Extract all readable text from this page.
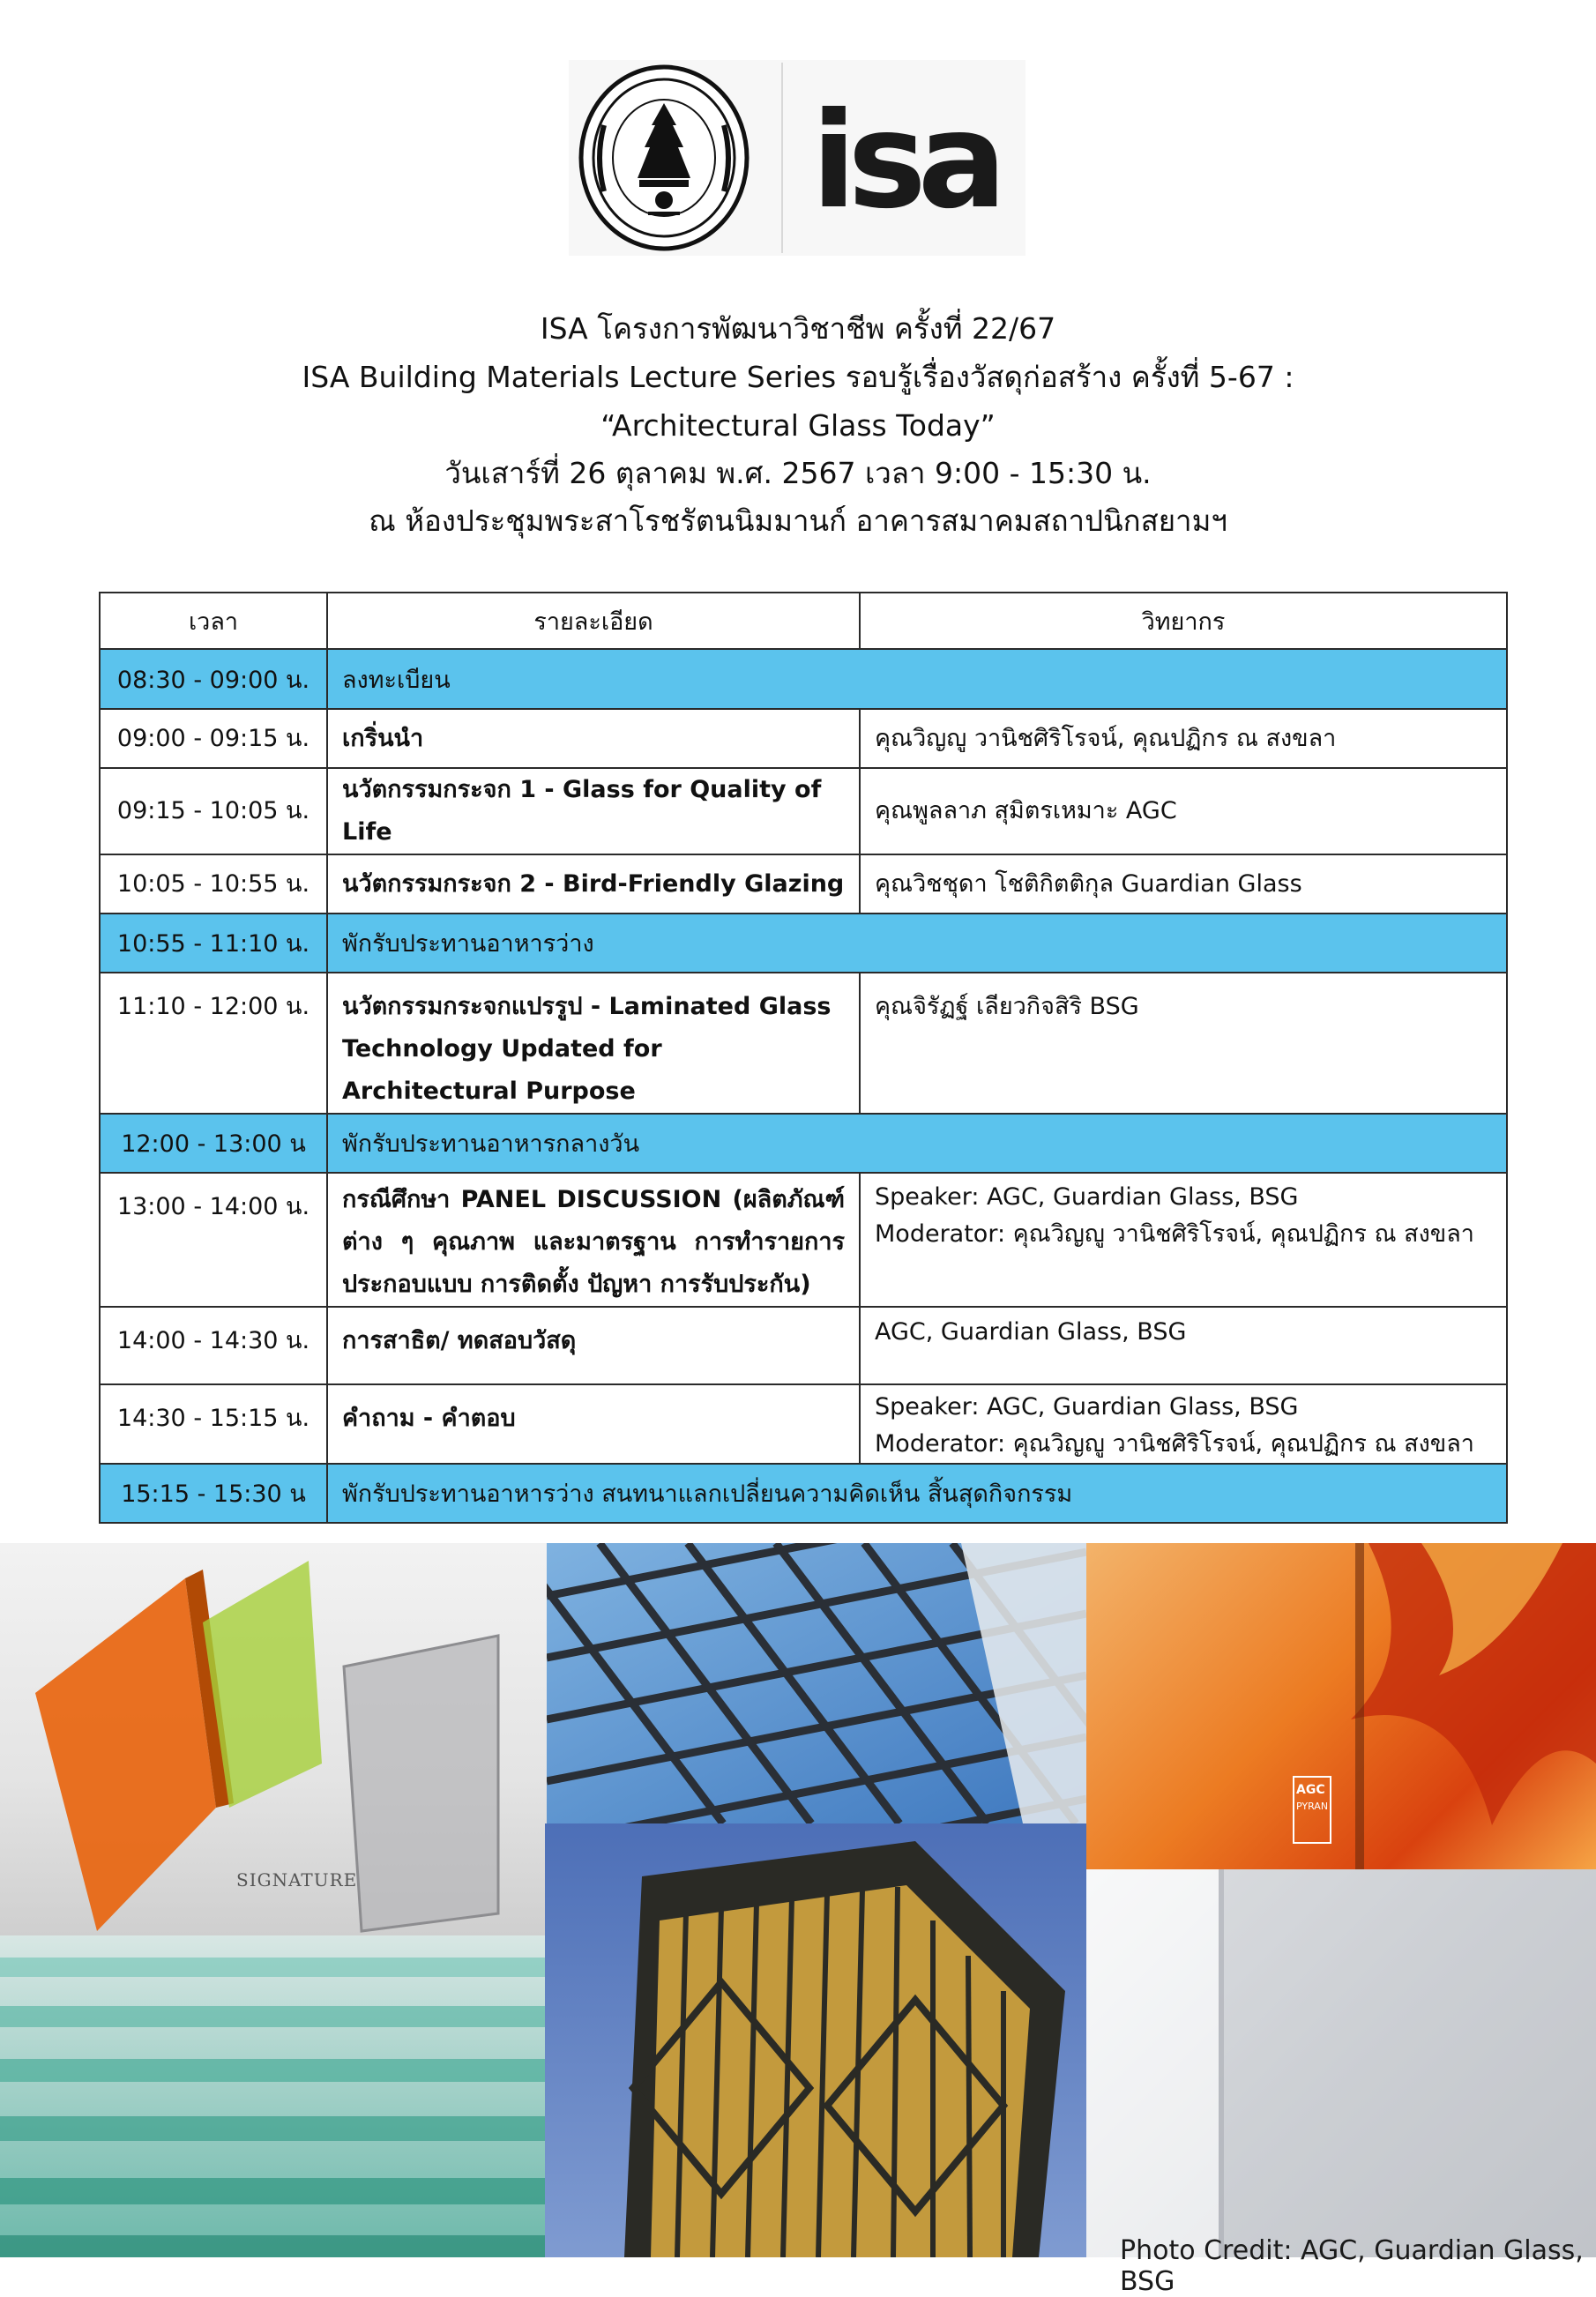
isa
ISA โครงการพัฒนาวิชาชีพ ครั้งที่ 22/67
ISA Building Materials Lecture Series รอบรู้เรื่องวัสดุก่อสร้าง ครั้งที่ 5-67 :
“Architectural Glass Today”
วันเสาร์ที่ 26 ตุลาคม พ.ศ. 2567 เวลา 9:00 - 15:30 น.
ณ ห้องประชุมพระสาโรชรัตนนิมมานก์ อาคารสมาคมสถาปนิกสยามฯ
เวลา	รายละเอียด	วิทยากร
08:30 - 09:00 น.	ลงทะเบียน	
09:00 - 09:15 น.	เกริ่นนำ	คุณวิญญู วานิชศิริโรจน์, คุณปฏิกร ณ สงขลา
09:15 - 10:05 น.	นวัตกรรมกระจก 1 - Glass for Quality of Life	คุณพูลลาภ สุมิตรเหมาะ AGC
10:05 - 10:55 น.	นวัตกรรมกระจก 2 - Bird-Friendly Glazing	คุณวิชชุดา โชติกิตติกุล Guardian Glass
10:55 - 11:10 น.	พักรับประทานอาหารว่าง	
11:10 - 12:00 น.	นวัตกรรมกระจกแปรรูป - Laminated Glass Technology Updated for Architectural Purpose	คุณจิรัฏฐ์ เลียวกิจสิริ BSG
12:00 - 13:00 น	พักรับประทานอาหารกลางวัน	
13:00 - 14:00 น.	กรณีศึกษา PANEL DISCUSSION (ผลิตภัณฑ์ต่าง ๆ คุณภาพ และมาตรฐาน การทำรายการประกอบแบบ การติดตั้ง ปัญหา การรับประกัน)	Speaker: AGC, Guardian Glass, BSG
Moderator: คุณวิญญู วานิชศิริโรจน์, คุณปฏิกร ณ สงขลา

14:00 - 14:30 น.	การสาธิต/ ทดสอบวัสดุ	AGC, Guardian Glass, BSG
14:30 - 15:15 น.	คำถาม - คำตอบ	Speaker: AGC, Guardian Glass, BSG
Moderator: คุณวิญญู วานิชศิริโรจน์, คุณปฏิกร ณ สงขลา

15:15 - 15:30 น	พักรับประทานอาหารว่าง สนทนาแลกเปลี่ยนความคิดเห็น สิ้นสุดกิจกรรม	
SIGNATURE
AGC
PYRAN
Photo Credit: AGC, Guardian Glass, BSG
